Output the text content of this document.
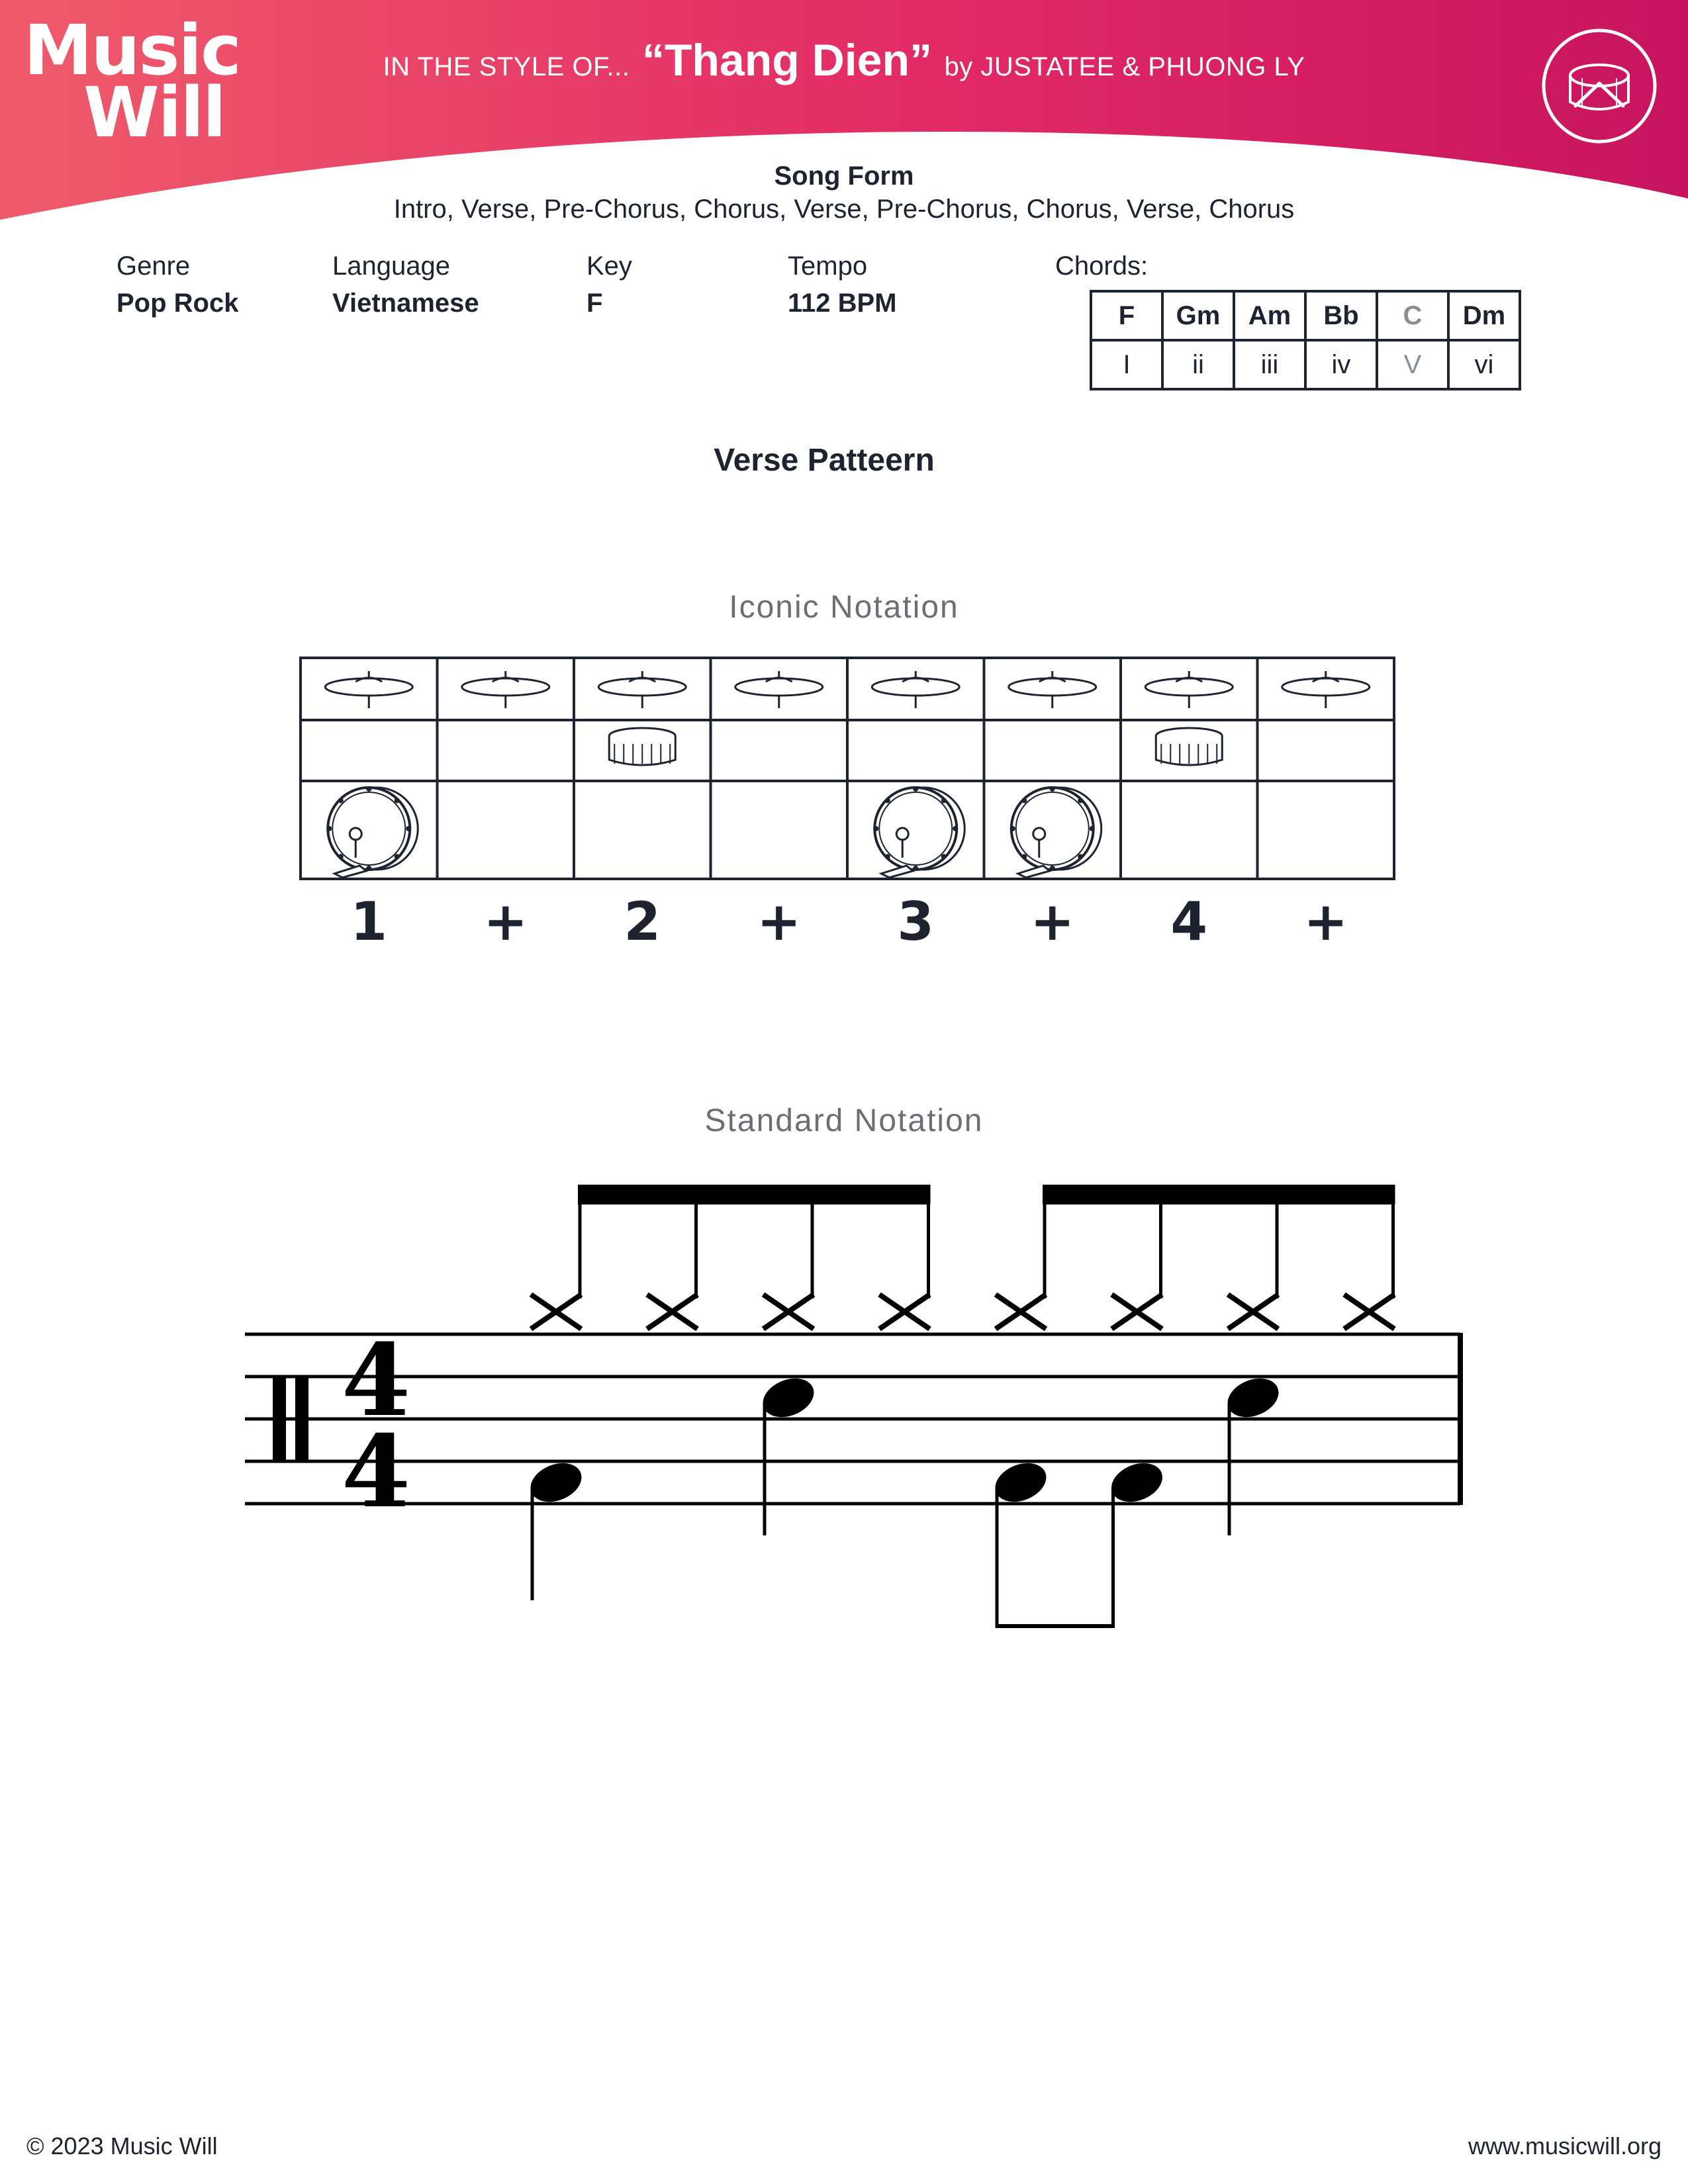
Music
Will
IN THE STYLE OF... “Thang Dien” by JUSTATEE & PHUONG LY
Song Form
Intro, Verse, Pre-Chorus, Chorus, Verse, Pre-Chorus, Chorus, Verse, Chorus
Genre
Pop Rock
Language
Vietnamese
Key
F
Tempo
112 BPM
Chords:
F	Gm	Am	Bb	C	Dm
I	ii	iii	iv	V	vi
Verse Patteern
Iconic Notation
1 + 2 + 3 + 4 +
Standard Notation
4
4
© 2023 Music Will	www.musicwill.org
